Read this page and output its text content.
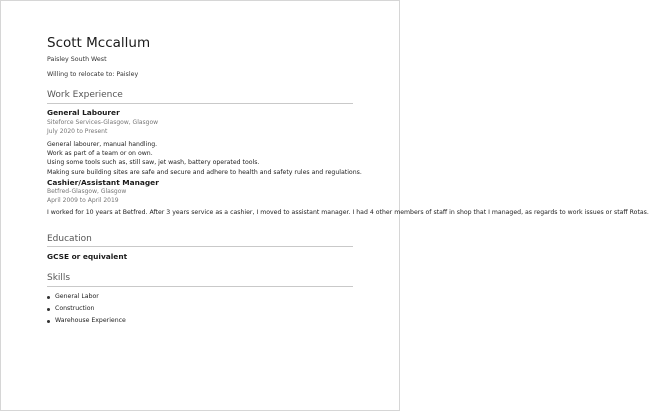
Scott Mccallum
Paisley South West
Willing to relocate to: Paisley
Work Experience
General Labourer
Siteforce Services-Glasgow, Glasgow
July 2020 to Present
General labourer, manual handling.
Work as part of a team or on own.
Using some tools such as, still saw, jet wash, battery operated tools.
Making sure building sites are safe and secure and adhere to health and safety rules and regulations.
Cashier/Assistant Manager
Betfred-Glasgow, Glasgow
April 2009 to April 2019
I worked for 10 years at Betfred. After 3 years service as a cashier, I moved to assistant manager. I had 4 other members of staff in shop that I managed, as regards to work issues or staff Rotas.
Education
GCSE or equivalent
Skills
General Labor
Construction
Warehouse Experience
